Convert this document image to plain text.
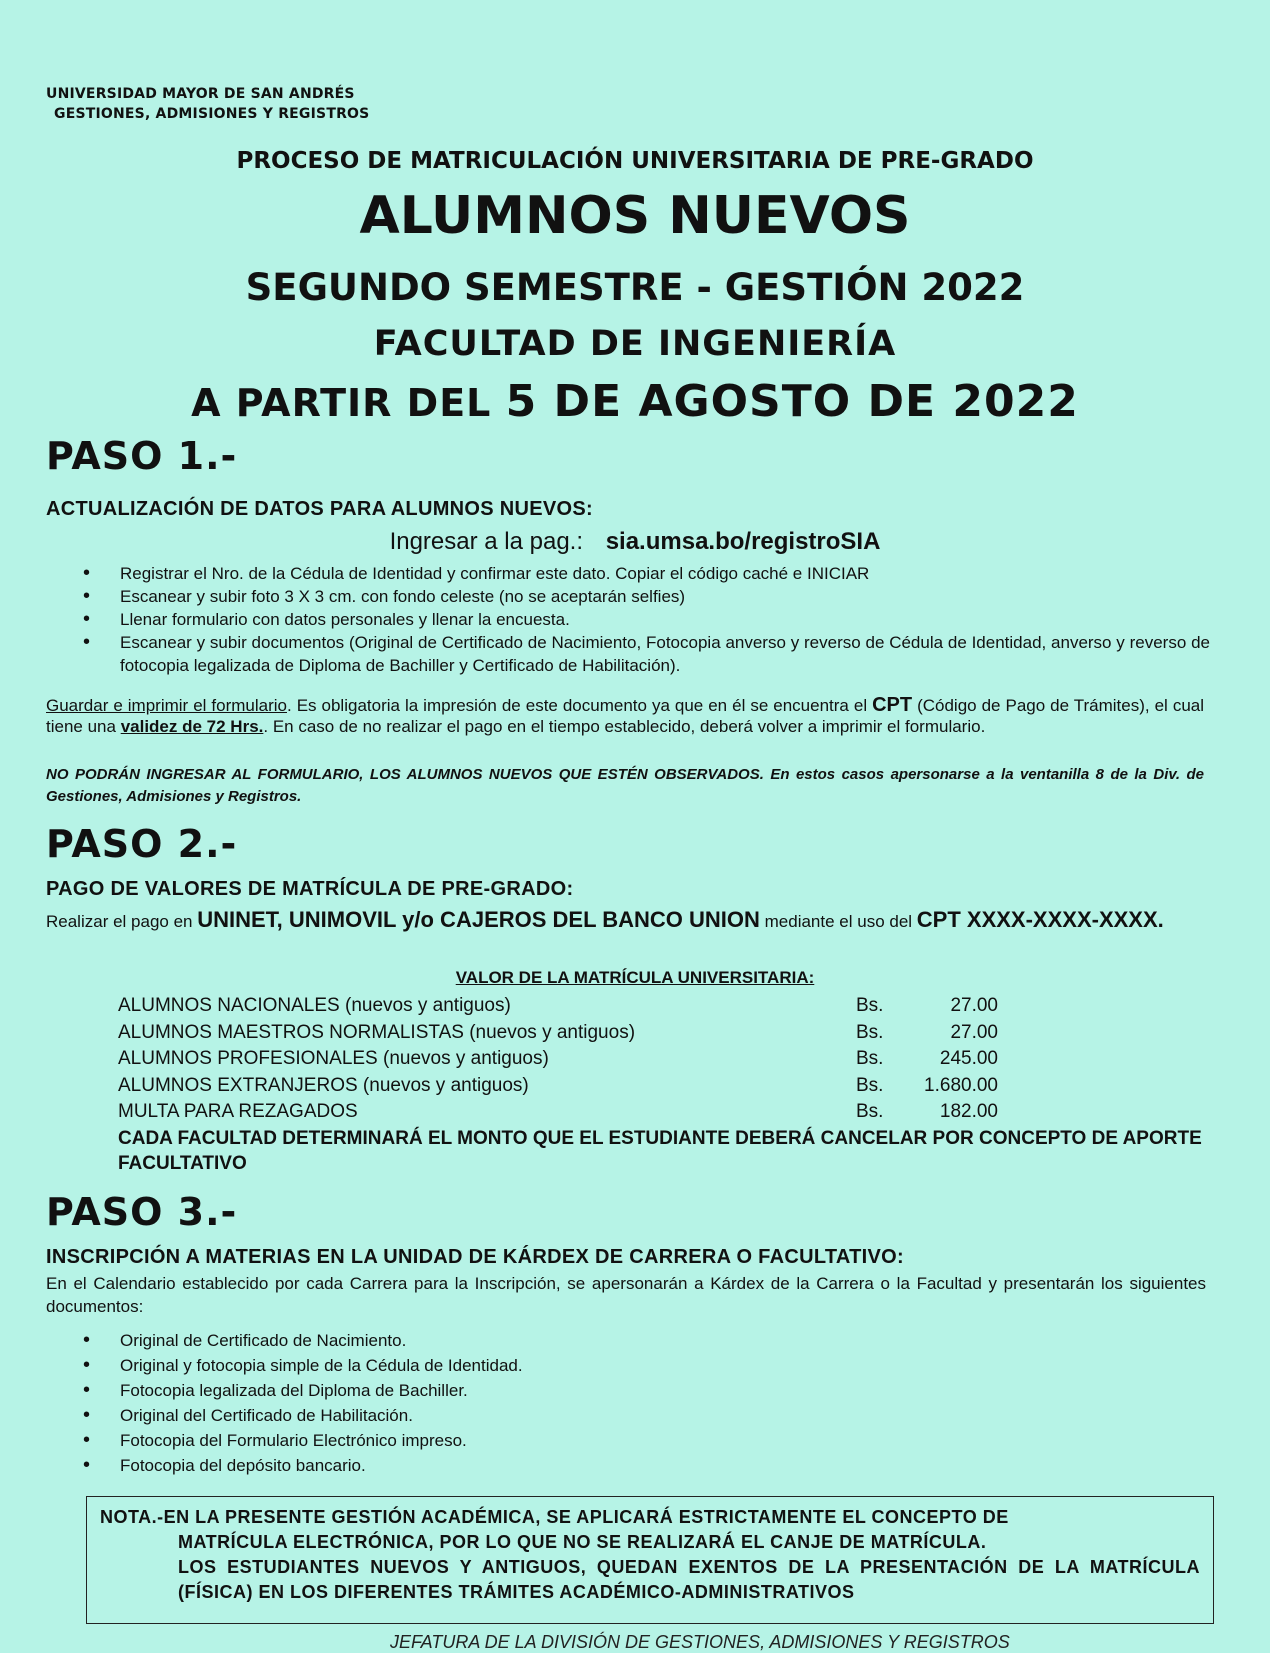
UNIVERSIDAD MAYOR DE SAN ANDRÉS
GESTIONES, ADMISIONES Y REGISTROS
PROCESO DE MATRICULACIÓN UNIVERSITARIA DE PRE-GRADO
ALUMNOS NUEVOS
SEGUNDO SEMESTRE - GESTIÓN 2022
FACULTAD DE INGENIERÍA
A PARTIR DEL 5 DE AGOSTO DE 2022
PASO 1.-
ACTUALIZACIÓN DE DATOS PARA ALUMNOS NUEVOS:
Ingresar a la pag.: sia.umsa.bo/registroSIA
• Registrar el Nro. de la Cédula de Identidad y confirmar este dato. Copiar el código caché e INICIAR
• Escanear y subir foto 3 X 3 cm. con fondo celeste (no se aceptarán selfies)
• Llenar formulario con datos personales y llenar la encuesta.
• Escanear y subir documentos (Original de Certificado de Nacimiento, Fotocopia anverso y reverso de Cédula de Identidad, anverso y reverso de fotocopia legalizada de Diploma de Bachiller y Certificado de Habilitación).
Guardar e imprimir el formulario. Es obligatoria la impresión de este documento ya que en él se encuentra el CPT (Código de Pago de Trámites), el cual tiene una validez de 72 Hrs.. En caso de no realizar el pago en el tiempo establecido, deberá volver a imprimir el formulario.
NO PODRÁN INGRESAR AL FORMULARIO, LOS ALUMNOS NUEVOS QUE ESTÉN OBSERVADOS. En estos casos apersonarse a la ventanilla 8 de la Div. de Gestiones, Admisiones y Registros.
PASO 2.-
PAGO DE VALORES DE MATRÍCULA DE PRE-GRADO:
Realizar el pago en UNINET, UNIMOVIL y/o CAJEROS DEL BANCO UNION mediante el uso del CPT XXXX-XXXX-XXXX.
VALOR DE LA MATRÍCULA UNIVERSITARIA:
ALUMNOS NACIONALES (nuevos y antiguos)	Bs.	27.00
ALUMNOS MAESTROS NORMALISTAS (nuevos y antiguos)	Bs.	27.00
ALUMNOS PROFESIONALES (nuevos y antiguos)	Bs.	245.00
ALUMNOS EXTRANJEROS (nuevos y antiguos)	Bs.	1.680.00
MULTA PARA REZAGADOS	Bs.	182.00
CADA FACULTAD DETERMINARÁ EL MONTO QUE EL ESTUDIANTE DEBERÁ CANCELAR POR CONCEPTO DE APORTE FACULTATIVO
PASO 3.-
INSCRIPCIÓN A MATERIAS EN LA UNIDAD DE KÁRDEX DE CARRERA O FACULTATIVO:
En el Calendario establecido por cada Carrera para la Inscripción, se apersonarán a Kárdex de la Carrera o la Facultad y presentarán los siguientes documentos:
• Original de Certificado de Nacimiento.
• Original y fotocopia simple de la Cédula de Identidad.
• Fotocopia legalizada del Diploma de Bachiller.
• Original del Certificado de Habilitación.
• Fotocopia del Formulario Electrónico impreso.
• Fotocopia del depósito bancario.
NOTA.-EN LA PRESENTE GESTIÓN ACADÉMICA, SE APLICARÁ ESTRICTAMENTE EL CONCEPTO DE
MATRÍCULA ELECTRÓNICA, POR LO QUE NO SE REALIZARÁ EL CANJE DE MATRÍCULA.
LOS ESTUDIANTES NUEVOS Y ANTIGUOS, QUEDAN EXENTOS DE LA PRESENTACIÓN DE LA MATRÍCULA (FÍSICA) EN LOS DIFERENTES TRÁMITES ACADÉMICO-ADMINISTRATIVOS
JEFATURA DE LA DIVISIÓN DE GESTIONES, ADMISIONES Y REGISTROS
